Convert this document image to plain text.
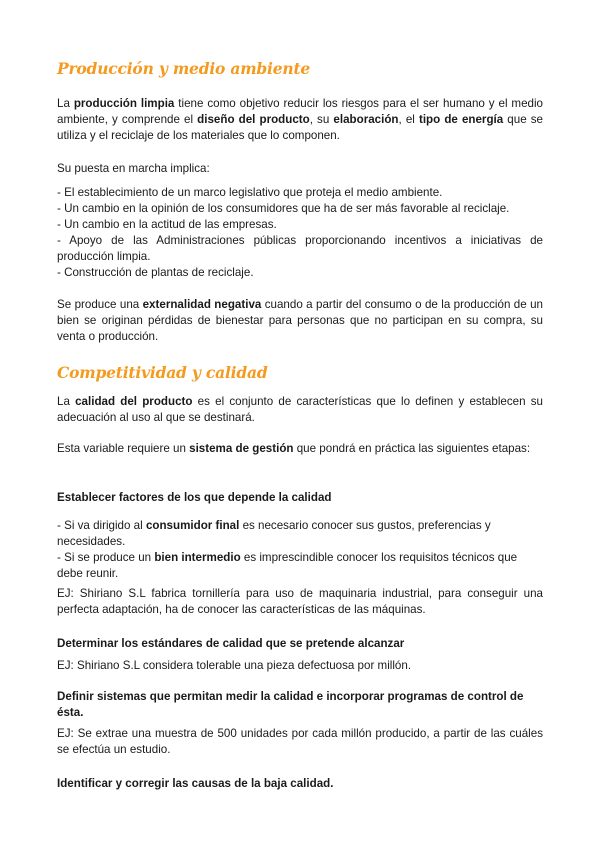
Producción y medio ambiente

La producción limpia tiene como objetivo reducir los riesgos para el ser humano y el medio ambiente, y comprende el diseño del producto, su elaboración, el tipo de energía que se utiliza y el reciclaje de los materiales que lo componen.

Su puesta en marcha implica:

- El establecimiento de un marco legislativo que proteja el medio ambiente.
- Un cambio en la opinión de los consumidores que ha de ser más favorable al reciclaje.
- Un cambio en la actitud de las empresas.
- Apoyo de las Administraciones públicas proporcionando incentivos a iniciativas de producción limpia.
- Construcción de plantas de reciclaje.

Se produce una externalidad negativa cuando a partir del consumo o de la producción de un bien se originan pérdidas de bienestar para personas que no participan en su compra, su venta o producción.

Competitividad y calidad

La calidad del producto es el conjunto de características que lo definen y establecen su adecuación al uso al que se destinará.

Esta variable requiere un sistema de gestión que pondrá en práctica las siguientes etapas:

Establecer factores de los que depende la calidad

- Si va dirigido al consumidor final es necesario conocer sus gustos, preferencias y necesidades.
- Si se produce un bien intermedio es imprescindible conocer los requisitos técnicos que debe reunir.

EJ: Shiriano S.L fabrica tornillería para uso de maquinaria industrial, para conseguir una perfecta adaptación, ha de conocer las características de las máquinas.

Determinar los estándares de calidad que se pretende alcanzar

EJ: Shiriano S.L considera tolerable una pieza defectuosa por millón.

Definir sistemas que permitan medir la calidad e incorporar programas de control de ésta.

EJ: Se extrae una muestra de 500 unidades por cada millón producido, a partir de las cuáles se efectúa un estudio.

Identificar y corregir las causas de la baja calidad.
